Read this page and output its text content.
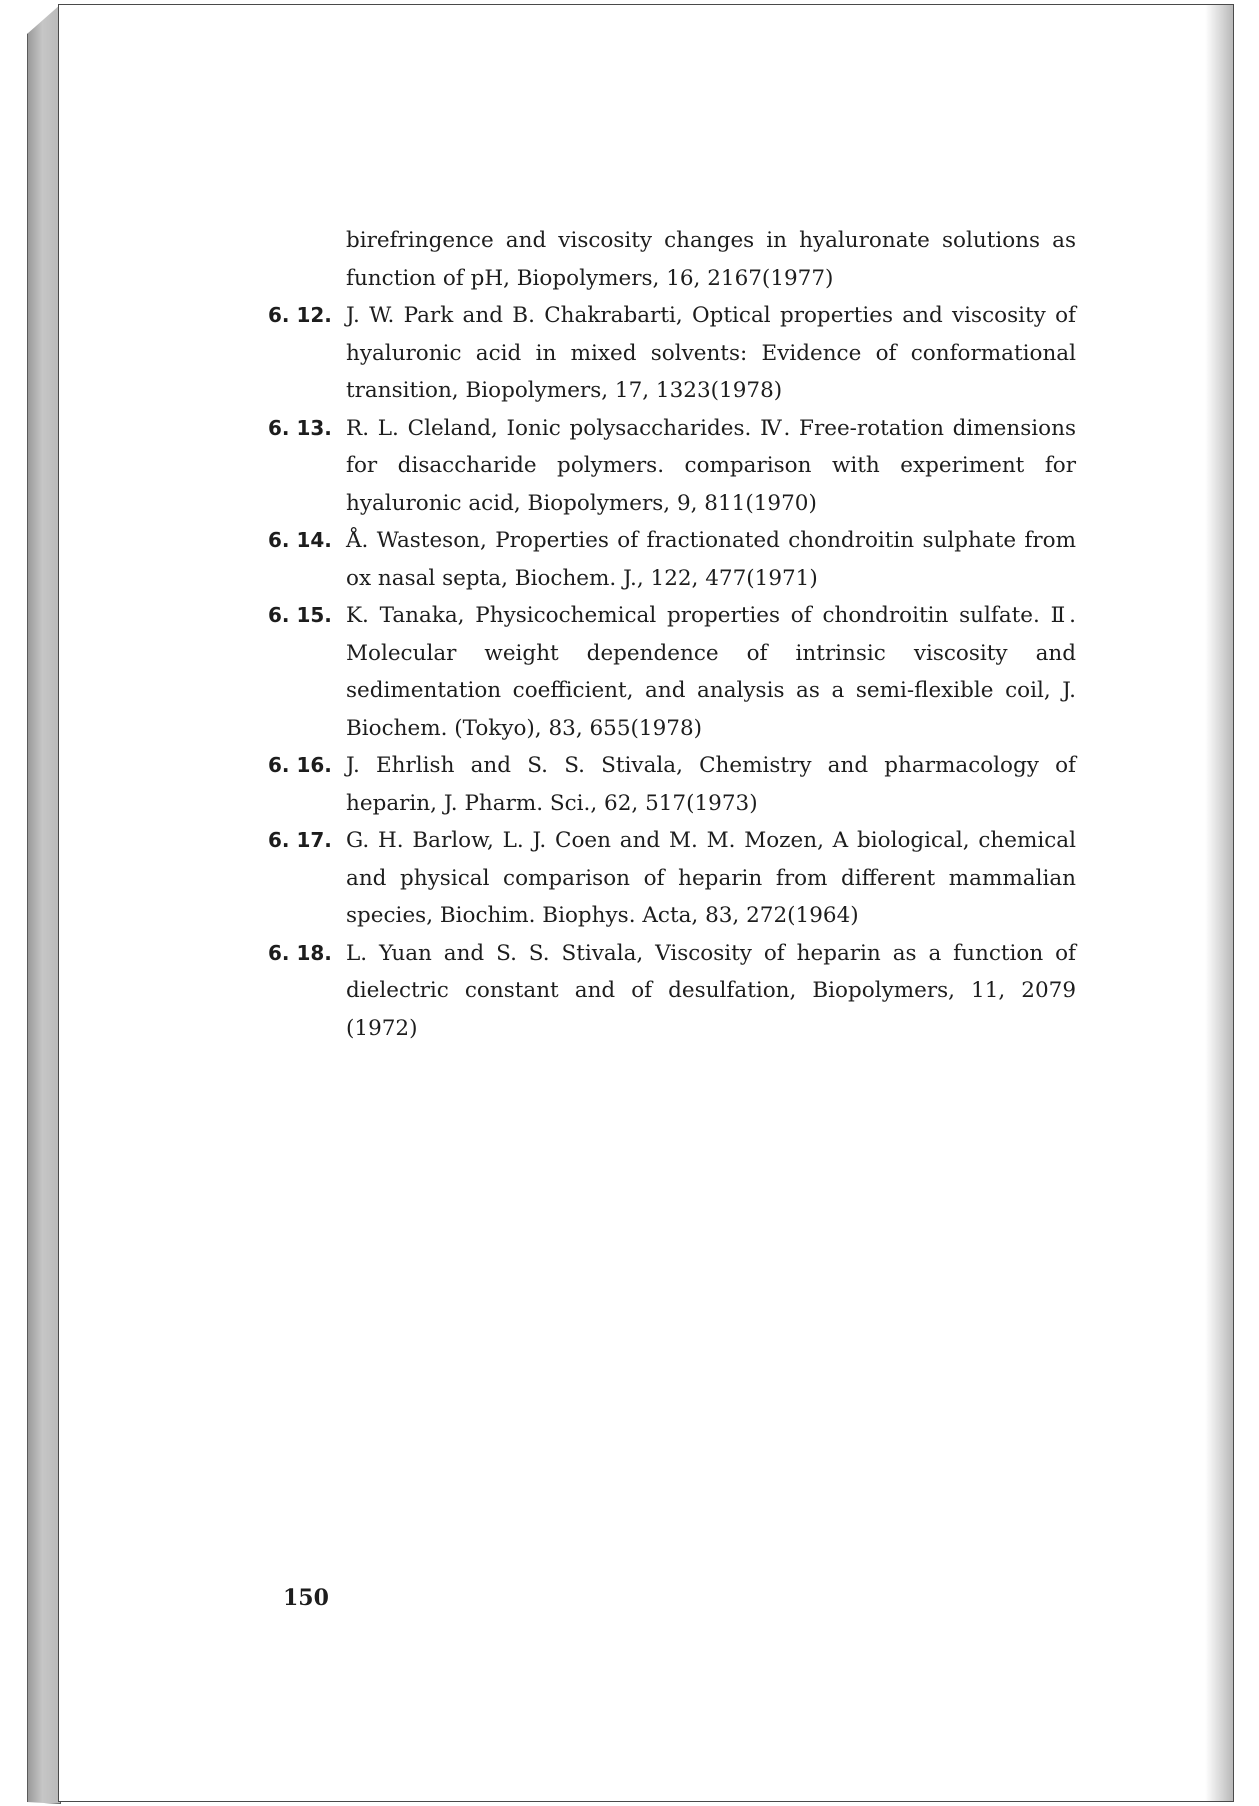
birefringence and viscosity changes in hyaluronate solutions as function of pH, Biopolymers, 16, 2167(1977)
6. 12. J. W. Park and B. Chakrabarti, Optical properties and viscosity of hyaluronic acid in mixed solvents: Evidence of conformational transition, Biopolymers, 17, 1323(1978)
6. 13. R. L. Cleland, Ionic polysaccharides. Ⅳ. Free-rotation dimensions for disaccharide polymers. comparison with experiment for hyaluronic acid, Biopolymers, 9, 811(1970)
6. 14. Å. Wasteson, Properties of fractionated chondroitin sulphate from ox nasal septa, Biochem. J., 122, 477(1971)
6. 15. K. Tanaka, Physicochemical properties of chondroitin sulfate. Ⅱ. Molecular weight dependence of intrinsic viscosity and sedimentation coefficient, and analysis as a semi-flexible coil, J. Biochem. (Tokyo), 83, 655(1978)
6. 16. J. Ehrlish and S. S. Stivala, Chemistry and pharmacology of heparin, J. Pharm. Sci., 62, 517(1973)
6. 17. G. H. Barlow, L. J. Coen and M. M. Mozen, A biological, chemical and physical comparison of heparin from different mammalian species, Biochim. Biophys. Acta, 83, 272(1964)
6. 18. L. Yuan and S. S. Stivala, Viscosity of heparin as a function of dielectric constant and of desulfation, Biopolymers, 11, 2079 (1972)
150
